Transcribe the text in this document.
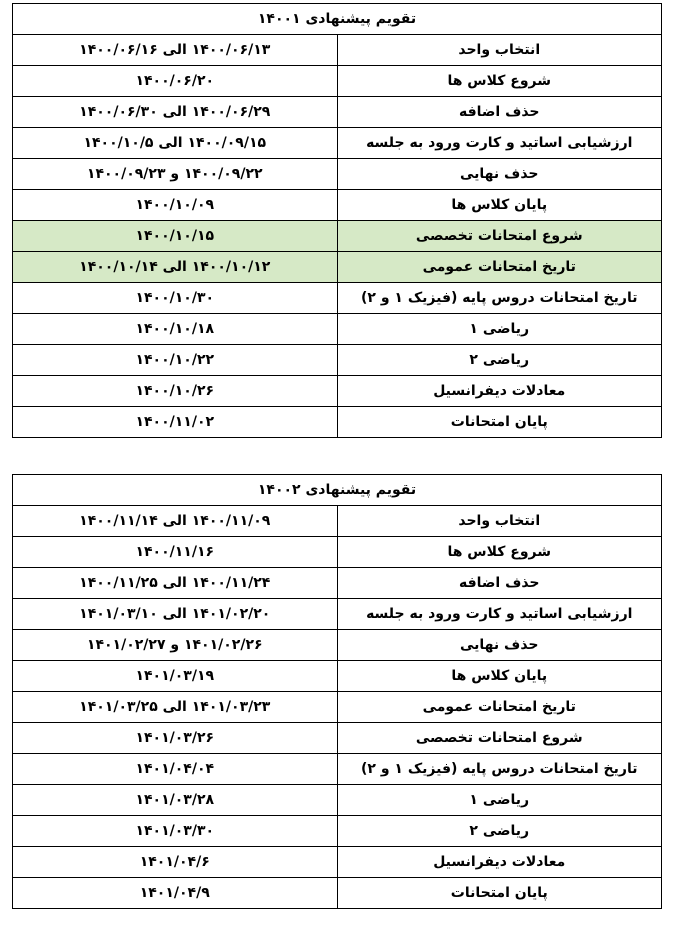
تقویم پیشنهادی ۱۴۰۰۱	
انتخاب واحد	۱۴۰۰/۰۶/۱۳ الی ۱۴۰۰/۰۶/۱۶
شروع کلاس ها	۱۴۰۰/۰۶/۲۰
حذف اضافه	۱۴۰۰/۰۶/۲۹ الی ۱۴۰۰/۰۶/۳۰
ارزشیابی اساتید و کارت ورود به جلسه	۱۴۰۰/۰۹/۱۵ الی ۱۴۰۰/۱۰/۵
حذف نهایی	۱۴۰۰/۰۹/۲۲ و ۱۴۰۰/۰۹/۲۳
پایان کلاس ها	۱۴۰۰/۱۰/۰۹
شروع امتحانات تخصصی	۱۴۰۰/۱۰/۱۵
تاریخ امتحانات عمومی	۱۴۰۰/۱۰/۱۲ الی ۱۴۰۰/۱۰/۱۴
تاریخ امتحانات دروس پایه (فیزیک ۱ و ۲)	۱۴۰۰/۱۰/۳۰
ریاضی ۱	۱۴۰۰/۱۰/۱۸
ریاضی ۲	۱۴۰۰/۱۰/۲۲
معادلات دیفرانسیل	۱۴۰۰/۱۰/۲۶
پایان امتحانات	۱۴۰۰/۱۱/۰۲
تقویم پیشنهادی ۱۴۰۰۲	
انتخاب واحد	۱۴۰۰/۱۱/۰۹ الی ۱۴۰۰/۱۱/۱۴
شروع کلاس ها	۱۴۰۰/۱۱/۱۶
حذف اضافه	۱۴۰۰/۱۱/۲۴ الی ۱۴۰۰/۱۱/۲۵
ارزشیابی اساتید و کارت ورود به جلسه	۱۴۰۱/۰۲/۲۰ الی ۱۴۰۱/۰۳/۱۰
حذف نهایی	۱۴۰۱/۰۲/۲۶ و ۱۴۰۱/۰۲/۲۷
پایان کلاس ها	۱۴۰۱/۰۳/۱۹
تاریخ امتحانات عمومی	۱۴۰۱/۰۳/۲۳ الی ۱۴۰۱/۰۳/۲۵
شروع امتحانات تخصصی	۱۴۰۱/۰۳/۲۶
تاریخ امتحانات دروس پایه (فیزیک ۱ و ۲)	۱۴۰۱/۰۴/۰۴
ریاضی ۱	۱۴۰۱/۰۳/۲۸
ریاضی ۲	۱۴۰۱/۰۳/۳۰
معادلات دیفرانسیل	۱۴۰۱/۰۴/۶
پایان امتحانات	۱۴۰۱/۰۴/۹
